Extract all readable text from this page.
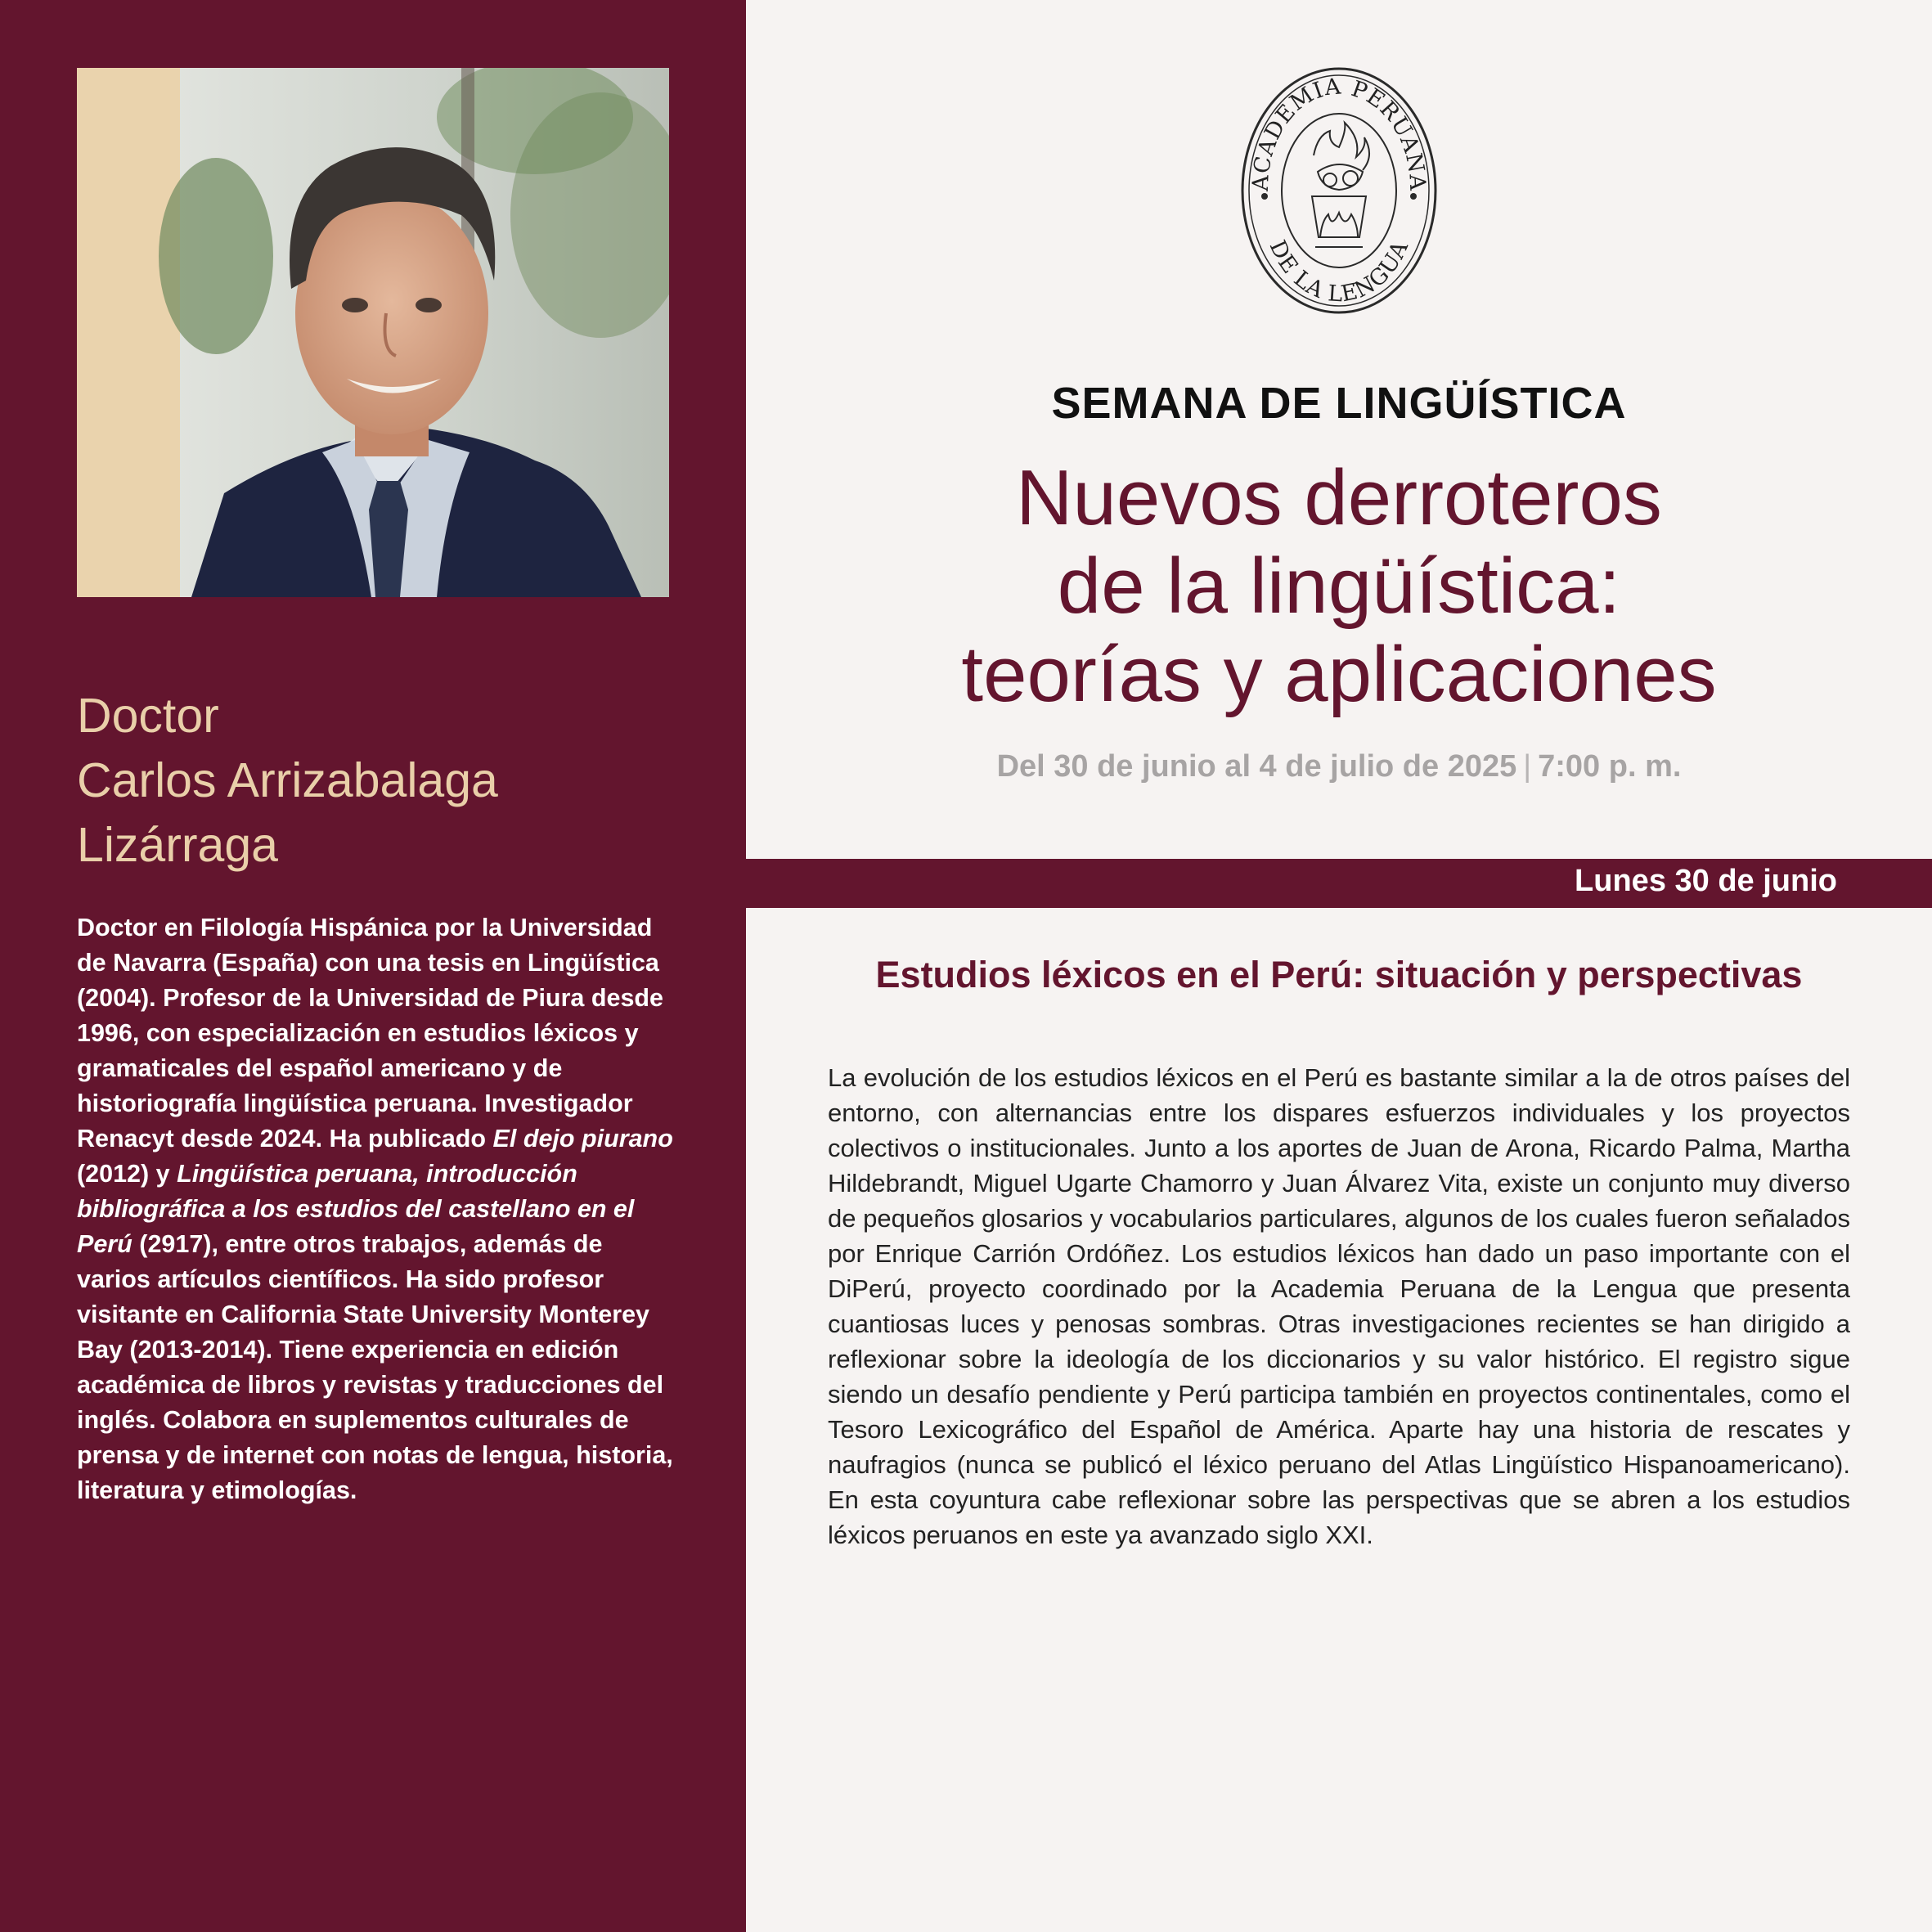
Doctor
Carlos Arrizabalaga
Lizárraga
Doctor en Filología Hispánica por la Universidad de Navarra (España) con una tesis en Lingüística (2004). Profesor de la Universidad de Piura desde 1996, con especialización en estudios léxicos y gramaticales del español americano y de historiografía lingüística peruana. Investigador Renacyt desde 2024. Ha publicado El dejo piurano (2012) y Lingüística peruana, introducción bibliográfica a los estudios del castellano en el Perú (2917), entre otros trabajos, además de varios artículos científicos. Ha sido profesor visitante en California State University Monterey Bay (2013-2014). Tiene experiencia en edición académica de libros y revistas y traducciones del inglés. Colabora en suplementos culturales de prensa y de internet con notas de lengua, historia, literatura y etimologías.
ACADEMIA PERUANA
DE LA LENGUA
SEMANA DE LINGÜÍSTICA
Nuevos derroteros
de la lingüística:
teorías y aplicaciones
Del 30 de junio al 4 de julio de 2025 | 7:00 p. m.
Estudios léxicos en el Perú: situación y perspectivas
La evolución de los estudios léxicos en el Perú es bastante similar a la de otros países del entorno, con alternancias entre los dispares esfuerzos individuales y los proyectos colectivos o institucionales. Junto a los aportes de Juan de Arona, Ricardo Palma, Martha Hildebrandt, Miguel Ugarte Chamorro y Juan Álvarez Vita, existe un conjunto muy diverso de pequeños glosarios y vocabularios particulares, algunos de los cuales fueron señalados por Enrique Carrión Ordóñez. Los estudios léxicos han dado un paso importante con el DiPerú, proyecto coordinado por la Academia Peruana de la Lengua que presenta cuantiosas luces y penosas sombras. Otras investigaciones recientes se han dirigido a reflexionar sobre la ideología de los diccionarios y su valor histórico. El registro sigue siendo un desafío pendiente y Perú participa también en proyectos continentales, como el Tesoro Lexicográfico del Español de América. Aparte hay una historia de rescates y naufragios (nunca se publicó el léxico peruano del Atlas Lingüístico Hispanoamericano). En esta coyuntura cabe reflexionar sobre las perspectivas que se abren a los estudios léxicos peruanos en este ya avanzado siglo XXI.
Lunes 30 de junio
